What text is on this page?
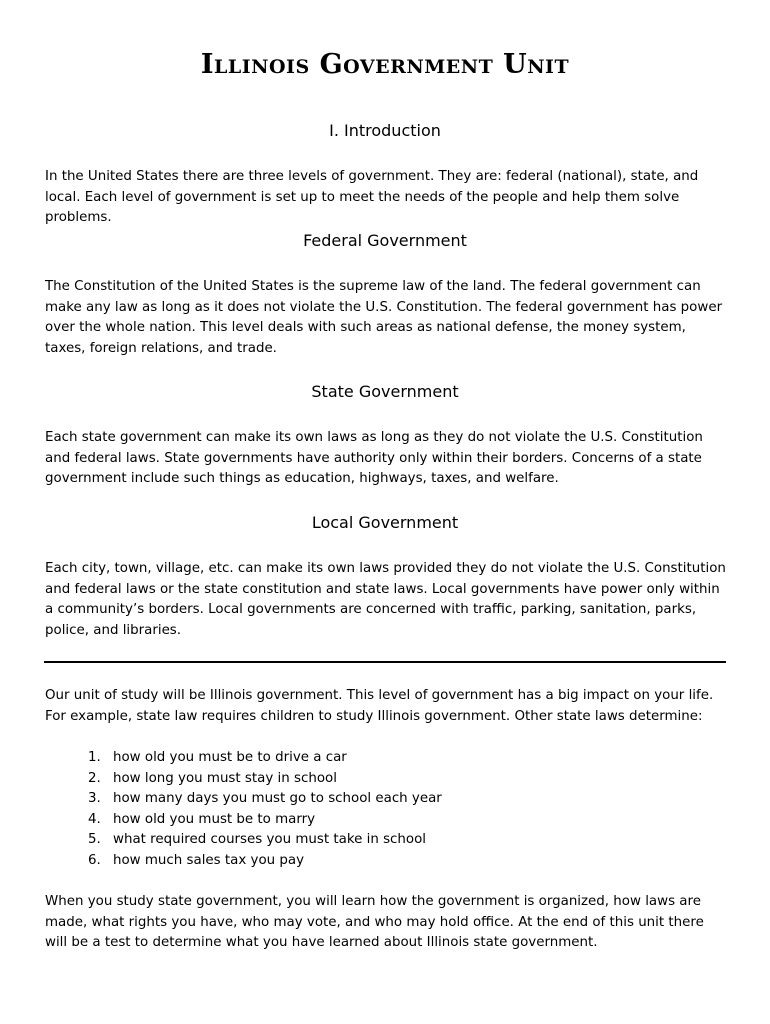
Illinois Government Unit
I. Introduction

In the United States there are three levels of government. They are: federal (national), state, and local. Each level of government is set up to meet the needs of the people and help them solve problems.

Federal Government

The Constitution of the United States is the supreme law of the land. The federal government can make any law as long as it does not violate the U.S. Constitution. The federal government has power over the whole nation. This level deals with such areas as national defense, the money system, taxes, foreign relations, and trade.

State Government

Each state government can make its own laws as long as they do not violate the U.S. Constitution and federal laws. State governments have authority only within their borders. Concerns of a state government include such things as education, highways, taxes, and welfare.

Local Government

Each city, town, village, etc. can make its own laws provided they do not violate the U.S. Constitution and federal laws or the state constitution and state laws. Local governments have power only within a community’s borders. Local governments are concerned with traffic, parking, sanitation, parks, police, and libraries.

Our unit of study will be Illinois government. This level of government has a big impact on your life. For example, state law requires children to study Illinois government. Other state laws determine:

1. how old you must be to drive a car
2. how long you must stay in school
3. how many days you must go to school each year
4. how old you must be to marry
5. what required courses you must take in school
6. how much sales tax you pay

When you study state government, you will learn how the government is organized, how laws are made, what rights you have, who may vote, and who may hold office. At the end of this unit there will be a test to determine what you have learned about Illinois state government.
